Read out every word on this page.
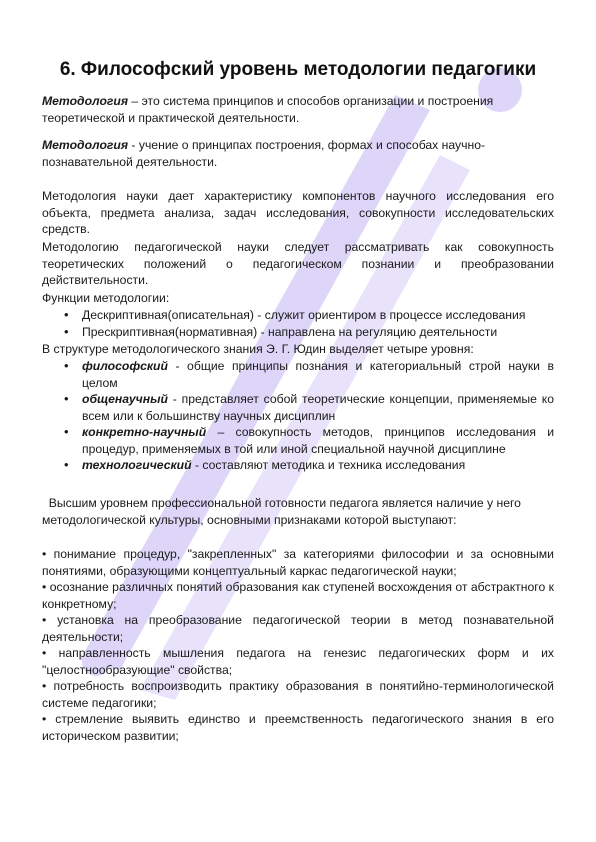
6. Философский уровень методологии педагогики

Методология – это система принципов и способов организации и построения теоретической и практической деятельности.

Методология - учение о принципах построения, формах и способах научно-познавательной деятельности.

Методология науки дает характеристику компонентов научного исследования его объекта, предмета анализа, задач исследования, совокупности исследовательских средств.

Методологию педагогической науки следует рассматривать как совокупность теоретических положений о педагогическом познании и преобразовании действительности.

Функции методологии:

• Дескриптивная(описательная) - служит ориентиром в процессе исследования
• Прескриптивная(нормативная) - направлена на регуляцию деятельности

В структуре методологического знания Э. Г. Юдин выделяет четыре уровня:

• философский - общие принципы познания и категориальный строй науки в целом
• общенаучный - представляет собой теоретические концепции, применяемые ко всем или к большинству научных дисциплин
• конкретно-научный – совокупность методов, принципов исследования и процедур, применяемых в той или иной специальной научной дисциплине
• технологический - составляют методика и техника исследования

Высшим уровнем профессиональной готовности педагога является наличие у него методологической культуры, основными признаками которой выступают:

• понимание процедур, "закрепленных" за категориями философии и за основными понятиями, образующими концептуальный каркас педагогической науки;

• осознание различных понятий образования как ступеней восхождения от абстрактного к конкретному;

• установка на преобразование педагогической теории в метод познавательной деятельности;

• направленность мышления педагога на генезис педагогических форм и их "целостнообразующие" свойства;

• потребность воспроизводить практику образования в понятийно-терминологической системе педагогики;

• стремление выявить единство и преемственность педагогического знания в его историческом развитии;
